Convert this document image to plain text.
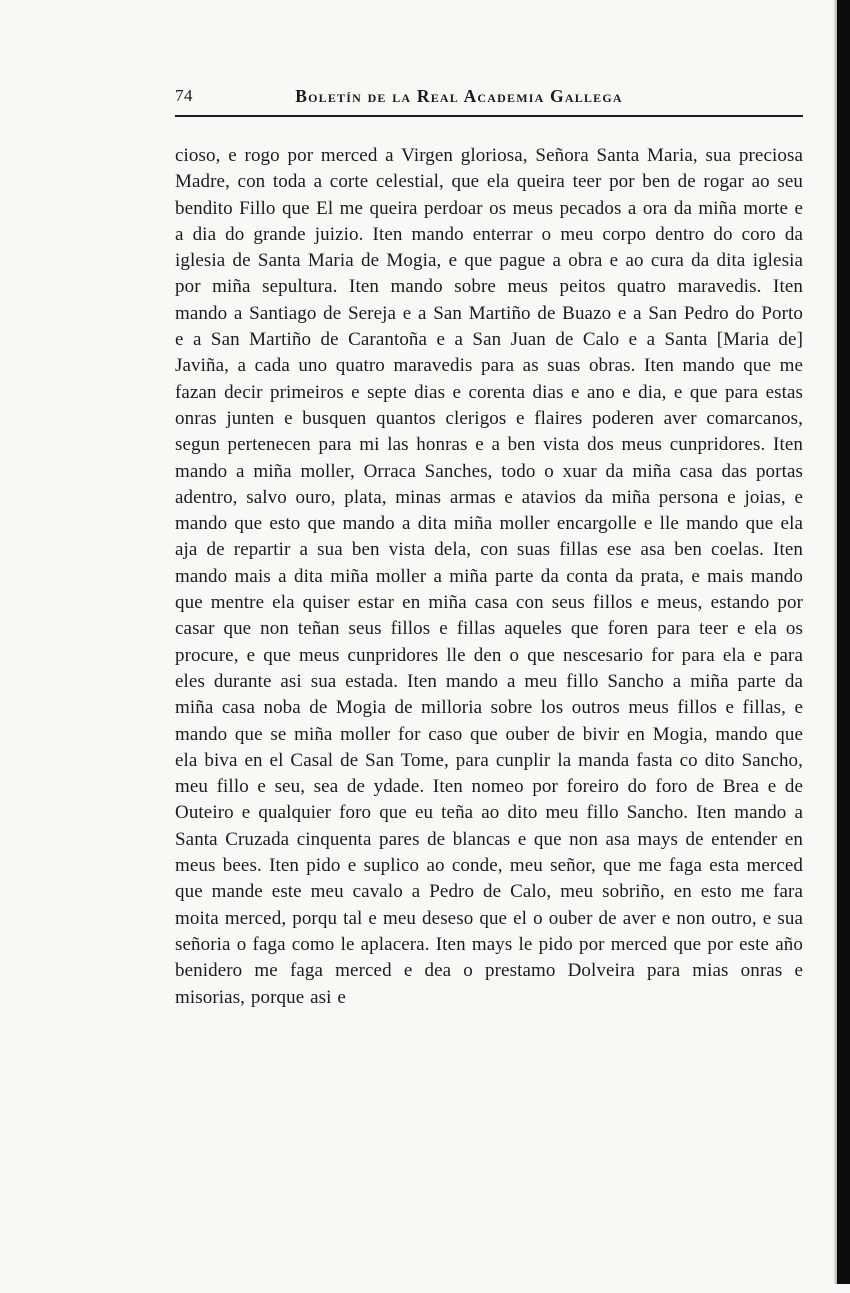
74	Boletín de la Real Academia Gallega

cioso, e rogo por merced a Virgen gloriosa, Señora Santa Maria, sua preciosa Madre, con toda a corte celestial, que ela queira teer por ben de rogar ao seu bendito Fillo que El me queira perdoar os meus pecados a ora da miña morte e a dia do grande juizio. Iten mando enterrar o meu corpo dentro do coro da iglesia de Santa Maria de Mogia, e que pague a obra e ao cura da dita iglesia por miña sepultura. Iten mando sobre meus peitos quatro maravedis. Iten mando a Santiago de Sereja e a San Martiño de Buazo e a San Pedro do Porto e a San Martiño de Carantoña e a San Juan de Calo e a Santa [Maria de] Javiña, a cada uno quatro maravedis para as suas obras. Iten mando que me fazan decir primeiros e septe dias e corenta dias e ano e dia, e que para estas onras junten e busquen quantos clerigos e flaires poderen aver comarcanos, segun pertenecen para mi las honras e a ben vista dos meus cunpridores. Iten mando a miña moller, Orraca Sanches, todo o xuar da miña casa das portas adentro, salvo ouro, plata, minas armas e atavios da miña persona e joias, e mando que esto que mando a dita miña moller encargolle e lle mando que ela aja de repartir a sua ben vista dela, con suas fillas ese asa ben coelas. Iten mando mais a dita miña moller a miña parte da conta da prata, e mais mando que mentre ela quiser estar en miña casa con seus fillos e meus, estando por casar que non teñan seus fillos e fillas aqueles que foren para teer e ela os procure, e que meus cunpridores lle den o que nescesario for para ela e para eles durante asi sua estada. Iten mando a meu fillo Sancho a miña parte da miña casa noba de Mogia de milloria sobre los outros meus fillos e fillas, e mando que se miña moller for caso que ouber de bivir en Mogia, mando que ela biva en el Casal de San Tome, para cunplir la manda fasta co dito Sancho, meu fillo e seu, sea de ydade. Iten nomeo por foreiro do foro de Brea e de Outeiro e qualquier foro que eu teña ao dito meu fillo Sancho. Iten mando a Santa Cruzada cinquenta pares de blancas e que non asa mays de entender en meus bees. Iten pido e suplico ao conde, meu señor, que me faga esta merced que mande este meu cavalo a Pedro de Calo, meu sobriño, en esto me fara moita merced, porqu tal e meu deseso que el o ouber de aver e non outro, e sua señoria o faga como le aplacera. Iten mays le pido por merced que por este año benidero me faga merced e dea o prestamo Dolveira para mias onras e misorias, porque asi e
